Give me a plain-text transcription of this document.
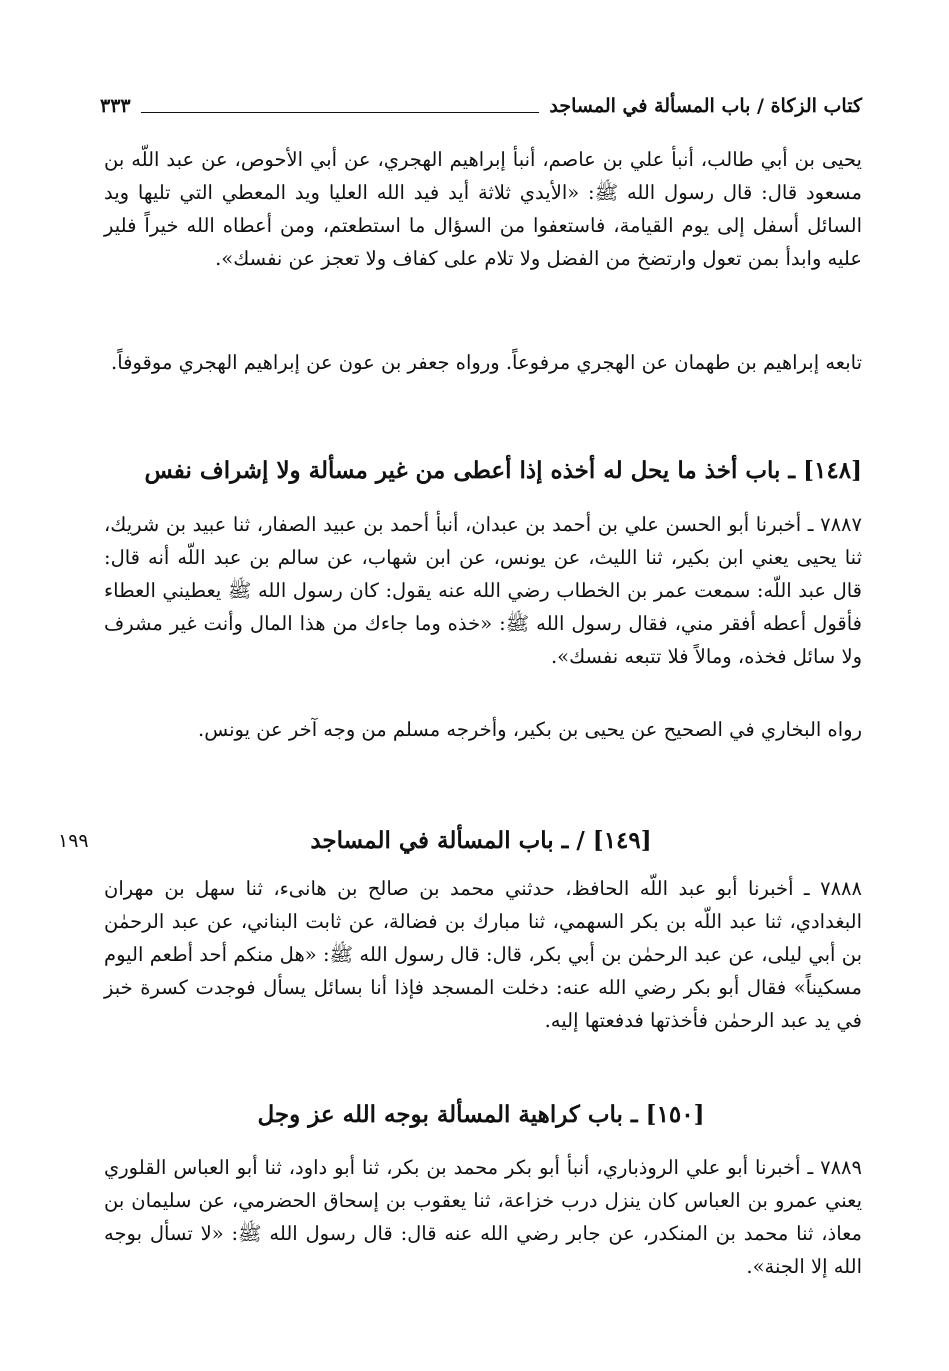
كتاب الزكاة / باب المسألة في المساجد
٣٣٣
يحيى بن أبي طالب، أنبأ علي بن عاصم، أنبأ إبراهيم الهجري، عن أبي الأحوص، عن عبد اللّه بن مسعود قال: قال رسول الله ﷺ: «الأيدي ثلاثة أيد فيد الله العليا ويد المعطي التي تليها ويد السائل أسفل إلى يوم القيامة، فاستعفوا من السؤال ما استطعتم، ومن أعطاه الله خيراً فلير عليه وابدأ بمن تعول وارتضخ من الفضل ولا تلام على كفاف ولا تعجز عن نفسك».
تابعه إبراهيم بن طهمان عن الهجري مرفوعاً. ورواه جعفر بن عون عن إبراهيم الهجري موقوفاً.
[١٤٨] ـ باب أخذ ما يحل له أخذه إذا أعطى من غير مسألة ولا إشراف نفس
٧٨٨٧ ـ أخبرنا أبو الحسن علي بن أحمد بن عبدان، أنبأ أحمد بن عبيد الصفار، ثنا عبيد بن شريك، ثنا يحيى يعني ابن بكير، ثنا الليث، عن يونس، عن ابن شهاب، عن سالم بن عبد اللّه أنه قال: قال عبد اللّه: سمعت عمر بن الخطاب رضي الله عنه يقول: كان رسول الله ﷺ يعطيني العطاء فأقول أعطه أفقر مني، فقال رسول الله ﷺ: «خذه وما جاءك من هذا المال وأنت غير مشرف ولا سائل فخذه، ومالاً فلا تتبعه نفسك».
رواه البخاري في الصحيح عن يحيى بن بكير، وأخرجه مسلم من وجه آخر عن يونس.
١٩٩	[١٤٩] / ـ باب المسألة في المساجد
٧٨٨٨ ـ أخبرنا أبو عبد اللّه الحافظ، حدثني محمد بن صالح بن هانىء، ثنا سهل بن مهران البغدادي، ثنا عبد اللّه بن بكر السهمي، ثنا مبارك بن فضالة، عن ثابت البناني، عن عبد الرحمٰن بن أبي ليلى، عن عبد الرحمٰن بن أبي بكر، قال: قال رسول الله ﷺ: «هل منكم أحد أطعم اليوم مسكيناً» فقال أبو بكر رضي الله عنه: دخلت المسجد فإذا أنا بسائل يسأل فوجدت كسرة خبز في يد عبد الرحمٰن فأخذتها فدفعتها إليه.
[١٥٠] ـ باب كراهية المسألة بوجه الله عز وجل
٧٨٨٩ ـ أخبرنا أبو علي الروذباري، أنبأ أبو بكر محمد بن بكر، ثنا أبو داود، ثنا أبو العباس القلوري يعني عمرو بن العباس كان ينزل درب خزاعة، ثنا يعقوب بن إسحاق الحضرمي، عن سليمان بن معاذ، ثنا محمد بن المنكدر، عن جابر رضي الله عنه قال: قال رسول الله ﷺ: «لا تسأل بوجه الله إلا الجنة».
